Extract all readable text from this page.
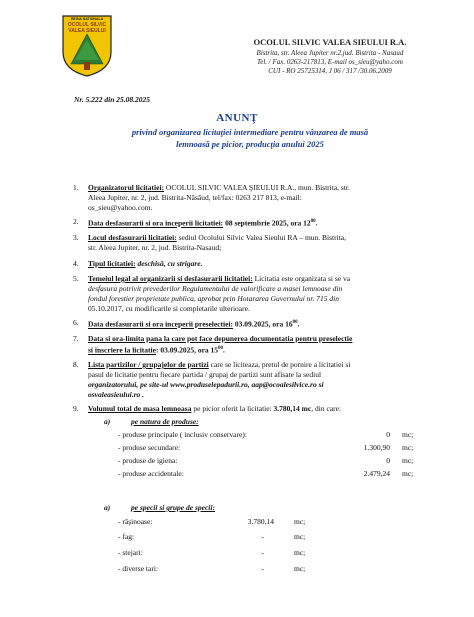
REGIA NATIONALA
OCOLUL SILVIC
VALEA SIEULUI
OCOLUL SILVIC VALEA SIEULUI R.A.
Bistrita, str. Aleea Jupiter nr.2,jud. Bistrita - Nasaud
Tel. / Fax. 0263-217813, E-mail os_sieu@yaho.com
CUI - RO 25725314, J 06 / 317 /30.06.2009
Nr. 5.222 din 25.08.2025
ANUNŢ
privind organizarea licitaţiei intermediare pentru vânzarea de masă
lemnoasă pe picior, producţia anului 2025
1. Organizatorul licitatiei: OCOLUL SILVIC VALEA ŞIEULUI R.A., mun. Bistrita, str.
Aleea Jupiter, nr. 2, jud. Bistrita-Năsăud, tel/fax: 0263 217 813, e-mail:
os_sieu@yahoo.com.
2. Data desfasurarii si ora inceperii licitatiei: 08 septembrie 2025, ora $12^{00}$.
3. Locul desfasurarii licitatiei: sediul Ocolului Silvic Valea Sieului RA – mun. Bistrita,
str. Aleea Jupiter, nr. 2, jud. Bistrita-Nasaud;
4. Tipul licitatiei: deschisă, cu strigare.
5. Temeiul legal al organizarii si desfasurarii licitatiei: Licitatia este organizata si se va
desfasura potrivit prevederilor Regulamentului de valorificare a masei lemnoase din
fondul forestier proprietate publica, aprobat prin Hotararea Guvernului nr. 715 din
05.10.2017, cu modificarile si completarile ulterioare.
6. Data desfasurarii si ora inceperii preselectiei: 03.09.2025, ora $16^{00}$.
7. Data si ora-limita pana la care pot face depunerea documentatia pentru preselectie
si inscriere la licitatie: 03.09.2025, ora $15^{00}$.
8. Lista partizilor / grupajelor de partizi care se liciteaza, pretul de pornire a licitatiei si
pasul de licitatie pentru fiecare partida / grupaj de partizi sunt afisate la sediul
organizatorului, pe site-ul www.produselepadurii.ro, aap@ocoalesilvice.ro si
osvaleasieului.ro .
9. Volumul total de masa lemnoasa pe picior oferit la licitatie: 3.780,14 mc, din care:
a)	pe natura de produse:
- produse principale ( inclusiv conservare):	0 mc;
- produse secundare:	1.300,90 mc;
- produse de igiena:	0 mc;
- produse accidentale:	2.479,24 mc;
a)	pe specii si grupe de specii:
- răşinoase:	3.780,14	mc;
- fag:	-	mc;
- stejari:	-	mc;
- diverse tari:	-	mc;
